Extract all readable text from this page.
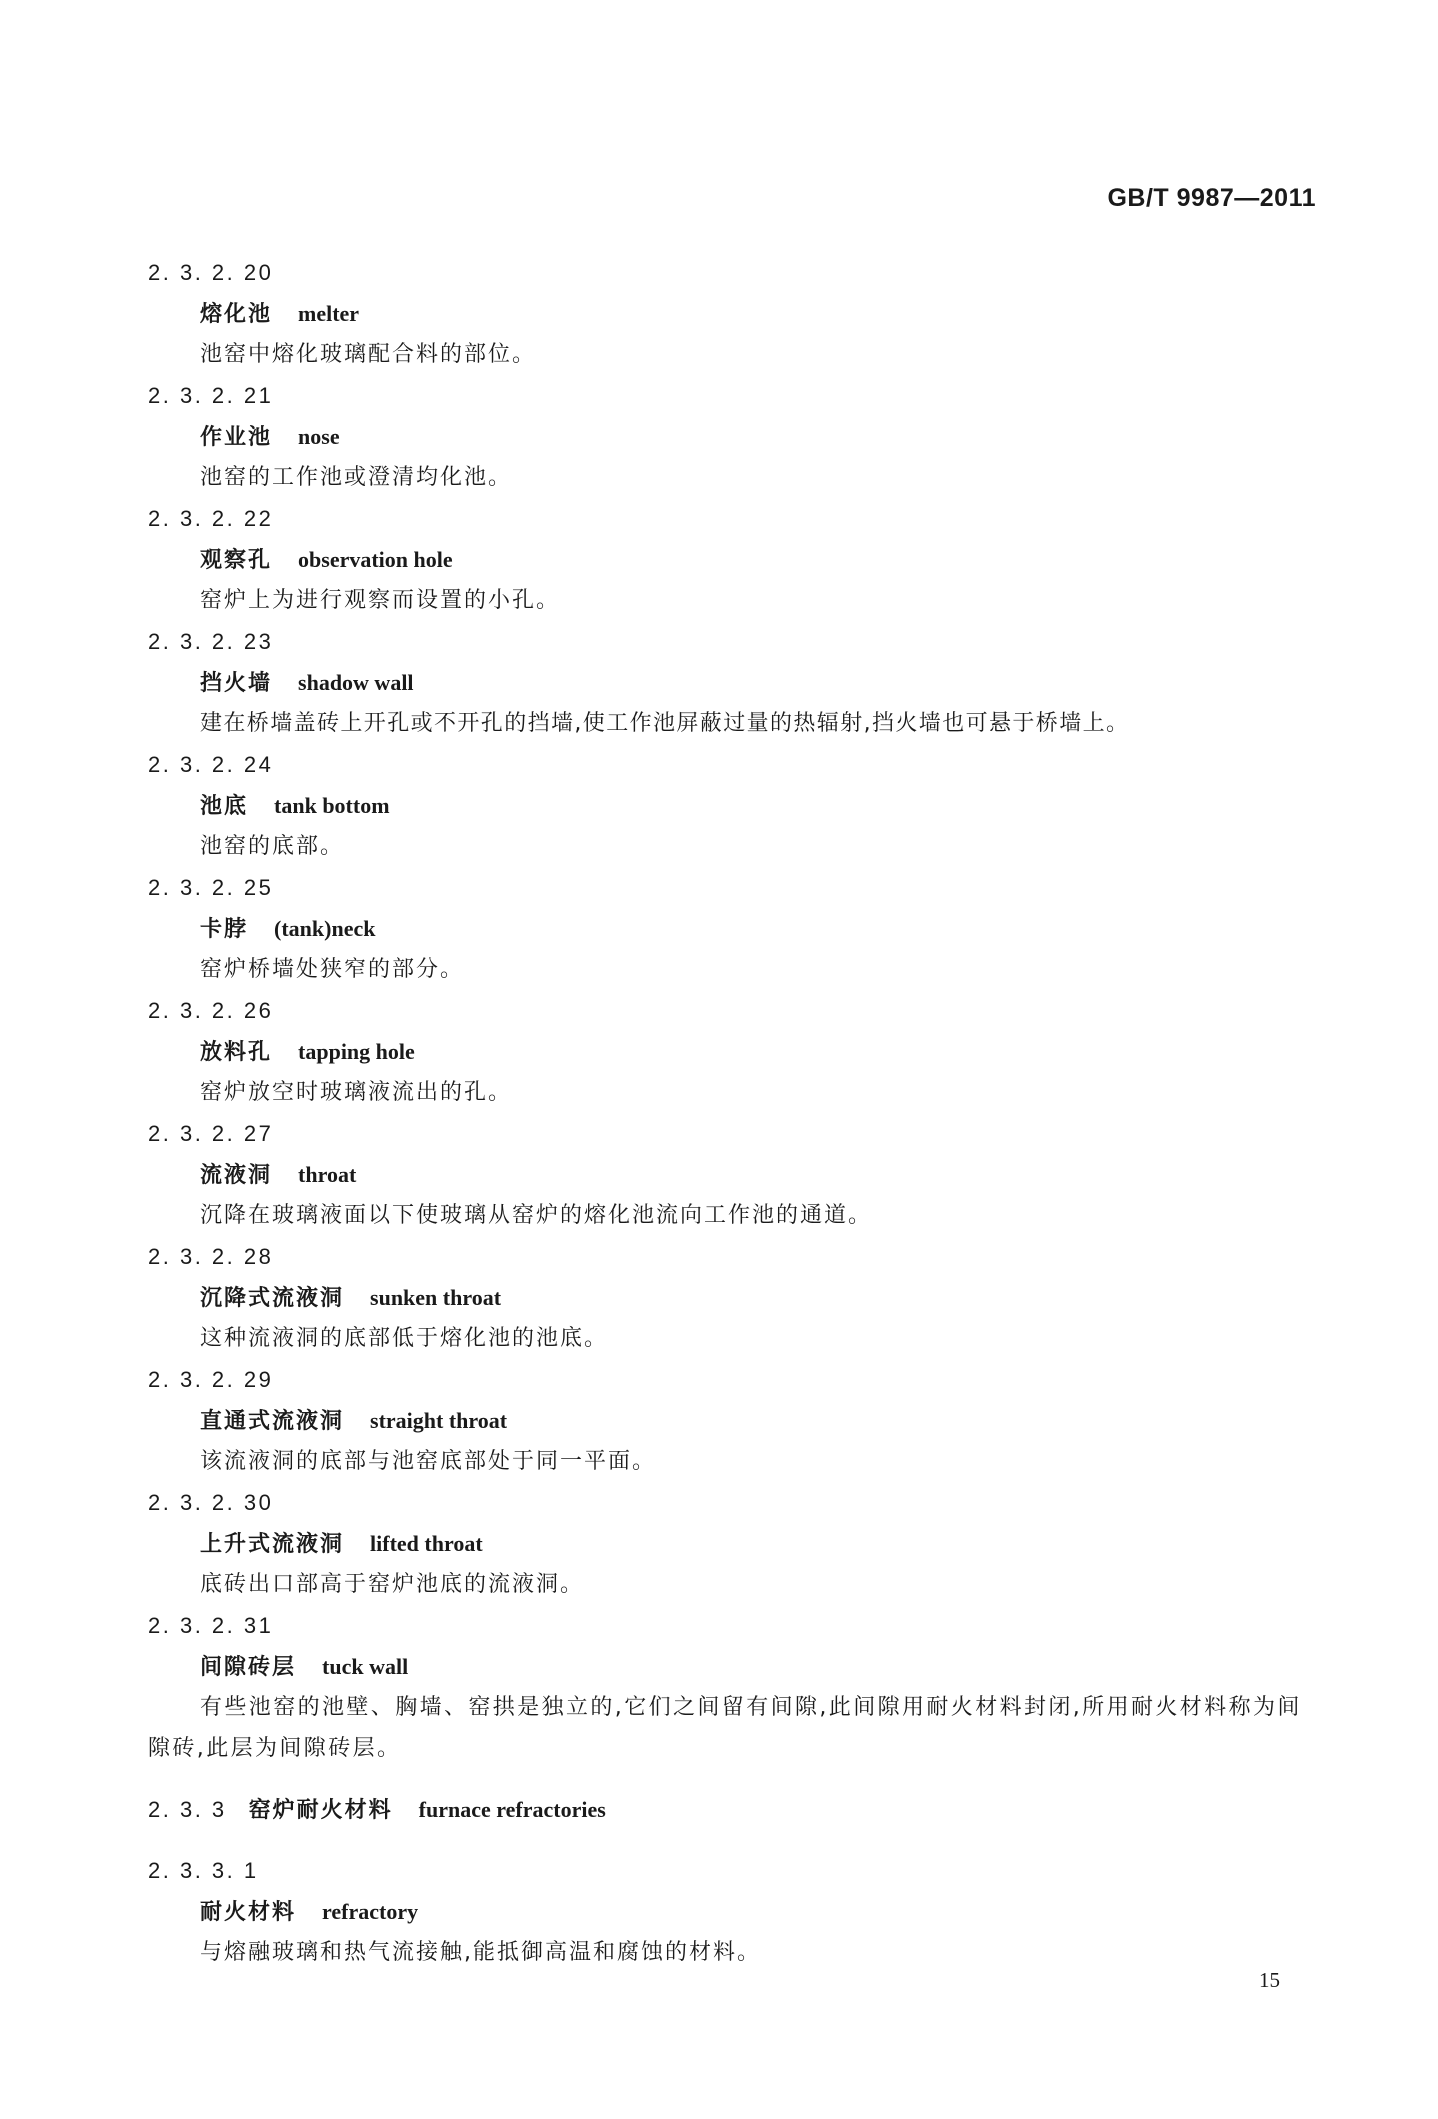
GB/T 9987—2011
2. 3. 2. 20
熔化池 melter
池窑中熔化玻璃配合料的部位。
2. 3. 2. 21
作业池 nose
池窑的工作池或澄清均化池。
2. 3. 2. 22
观察孔 observation hole
窑炉上为进行观察而设置的小孔。
2. 3. 2. 23
挡火墙 shadow wall
建在桥墙盖砖上开孔或不开孔的挡墙,使工作池屏蔽过量的热辐射,挡火墙也可悬于桥墙上。
2. 3. 2. 24
池底 tank bottom
池窑的底部。
2. 3. 2. 25
卡脖 (tank)neck
窑炉桥墙处狭窄的部分。
2. 3. 2. 26
放料孔 tapping hole
窑炉放空时玻璃液流出的孔。
2. 3. 2. 27
流液洞 throat
沉降在玻璃液面以下使玻璃从窑炉的熔化池流向工作池的通道。
2. 3. 2. 28
沉降式流液洞 sunken throat
这种流液洞的底部低于熔化池的池底。
2. 3. 2. 29
直通式流液洞 straight throat
该流液洞的底部与池窑底部处于同一平面。
2. 3. 2. 30
上升式流液洞 lifted throat
底砖出口部高于窑炉池底的流液洞。
2. 3. 2. 31
间隙砖层 tuck wall
有些池窑的池壁、胸墙、窑拱是独立的,它们之间留有间隙,此间隙用耐火材料封闭,所用耐火材料称为间隙砖,此层为间隙砖层。
2. 3. 3 窑炉耐火材料 furnace refractories
2. 3. 3. 1
耐火材料 refractory
与熔融玻璃和热气流接触,能抵御高温和腐蚀的材料。
15
